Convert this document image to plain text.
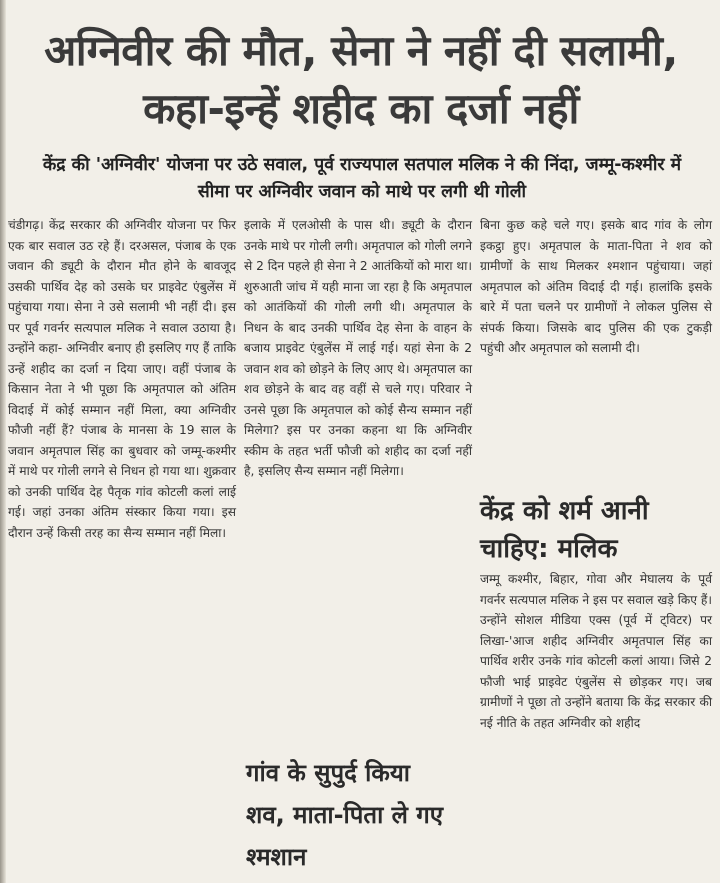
अग्निवीर की मौत, सेना ने नहीं दी सलामी, कहा-इन्हें शहीद का दर्जा नहीं
केंद्र की 'अग्निवीर' योजना पर उठे सवाल, पूर्व राज्यपाल सतपाल मलिक ने की निंदा, जम्मू-कश्मीर में सीमा पर अग्निवीर जवान को माथे पर लगी थी गोली

चंडीगढ़। केंद्र सरकार की अग्निवीर योजना पर फिर एक बार सवाल उठ रहे हैं। दरअसल, पंजाब के एक जवान की ड्यूटी के दौरान मौत होने के बावजूद उसकी पार्थिव देह को उसके घर प्राइवेट एंबुलेंस में पहुंचाया गया। सेना ने उसे सलामी भी नहीं दी। इस पर पूर्व गवर्नर सत्यपाल मलिक ने सवाल उठाया है। उन्होंने कहा- अग्निवीर बनाए ही इसलिए गए हैं ताकि उन्हें शहीद का दर्जा न दिया जाए। वहीं पंजाब के किसान नेता ने भी पूछा कि अमृतपाल को अंतिम विदाई में कोई सम्मान नहीं मिला, क्या अग्निवीर फौजी नहीं हैं? पंजाब के मानसा के 19 साल के जवान अमृतपाल सिंह का बुधवार को जम्मू-कश्मीर में माथे पर गोली लगने से निधन हो गया था। शुक्रवार को उनकी पार्थिव देह पैतृक गांव कोटली कलां लाई गई। जहां उनका अंतिम संस्कार किया गया। इस दौरान उन्हें किसी तरह का सैन्य सम्मान नहीं मिला।

इलाके में एलओसी के पास थी। ड्यूटी के दौरान उनके माथे पर गोली लगी। अमृतपाल को गोली लगने से 2 दिन पहले ही सेना ने 2 आतंकियों को मारा था। शुरुआती जांच में यही माना जा रहा है कि अमृतपाल को आतंकियों की गोली लगी थी। अमृतपाल के निधन के बाद उनकी पार्थिव देह सेना के वाहन के बजाय प्राइवेट एंबुलेंस में लाई गई। यहां सेना के 2 जवान शव को छोड़ने के लिए आए थे। अमृतपाल का शव छोड़ने के बाद वह वहीं से चले गए। परिवार ने उनसे पूछा कि अमृतपाल को कोई सैन्य सम्मान नहीं मिलेगा? इस पर उनका कहना था कि अग्निवीर स्कीम के तहत भर्ती फौजी को शहीद का दर्जा नहीं है, इसलिए सैन्य सम्मान नहीं मिलेगा।

गांव के सुपुर्द किया शव, माता-पिता ले गए श्मशान

बिना कुछ कहे चले गए। इसके बाद गांव के लोग इकट्ठा हुए। अमृतपाल के माता-पिता ने शव को ग्रामीणों के साथ मिलकर श्मशान पहुंचाया। जहां अमृतपाल को अंतिम विदाई दी गई। हालांकि इसके बारे में पता चलने पर ग्रामीणों ने लोकल पुलिस से संपर्क किया। जिसके बाद पुलिस की एक टुकड़ी पहुंची और अमृतपाल को सलामी दी।

केंद्र को शर्म आनी चाहिए: मलिक

जम्मू कश्मीर, बिहार, गोवा और मेघालय के पूर्व गवर्नर सत्यपाल मलिक ने इस पर सवाल खड़े किए हैं। उन्होंने सोशल मीडिया एक्स (पूर्व में ट्विटर) पर लिखा-'आज शहीद अग्निवीर अमृतपाल सिंह का पार्थिव शरीर उनके गांव कोटली कलां आया। जिसे 2 फौजी भाई प्राइवेट एंबुलेंस से छोड़कर गए। जब ग्रामीणों ने पूछा तो उन्होंने बताया कि केंद्र सरकार की नई नीति के तहत अग्निवीर को शहीद
